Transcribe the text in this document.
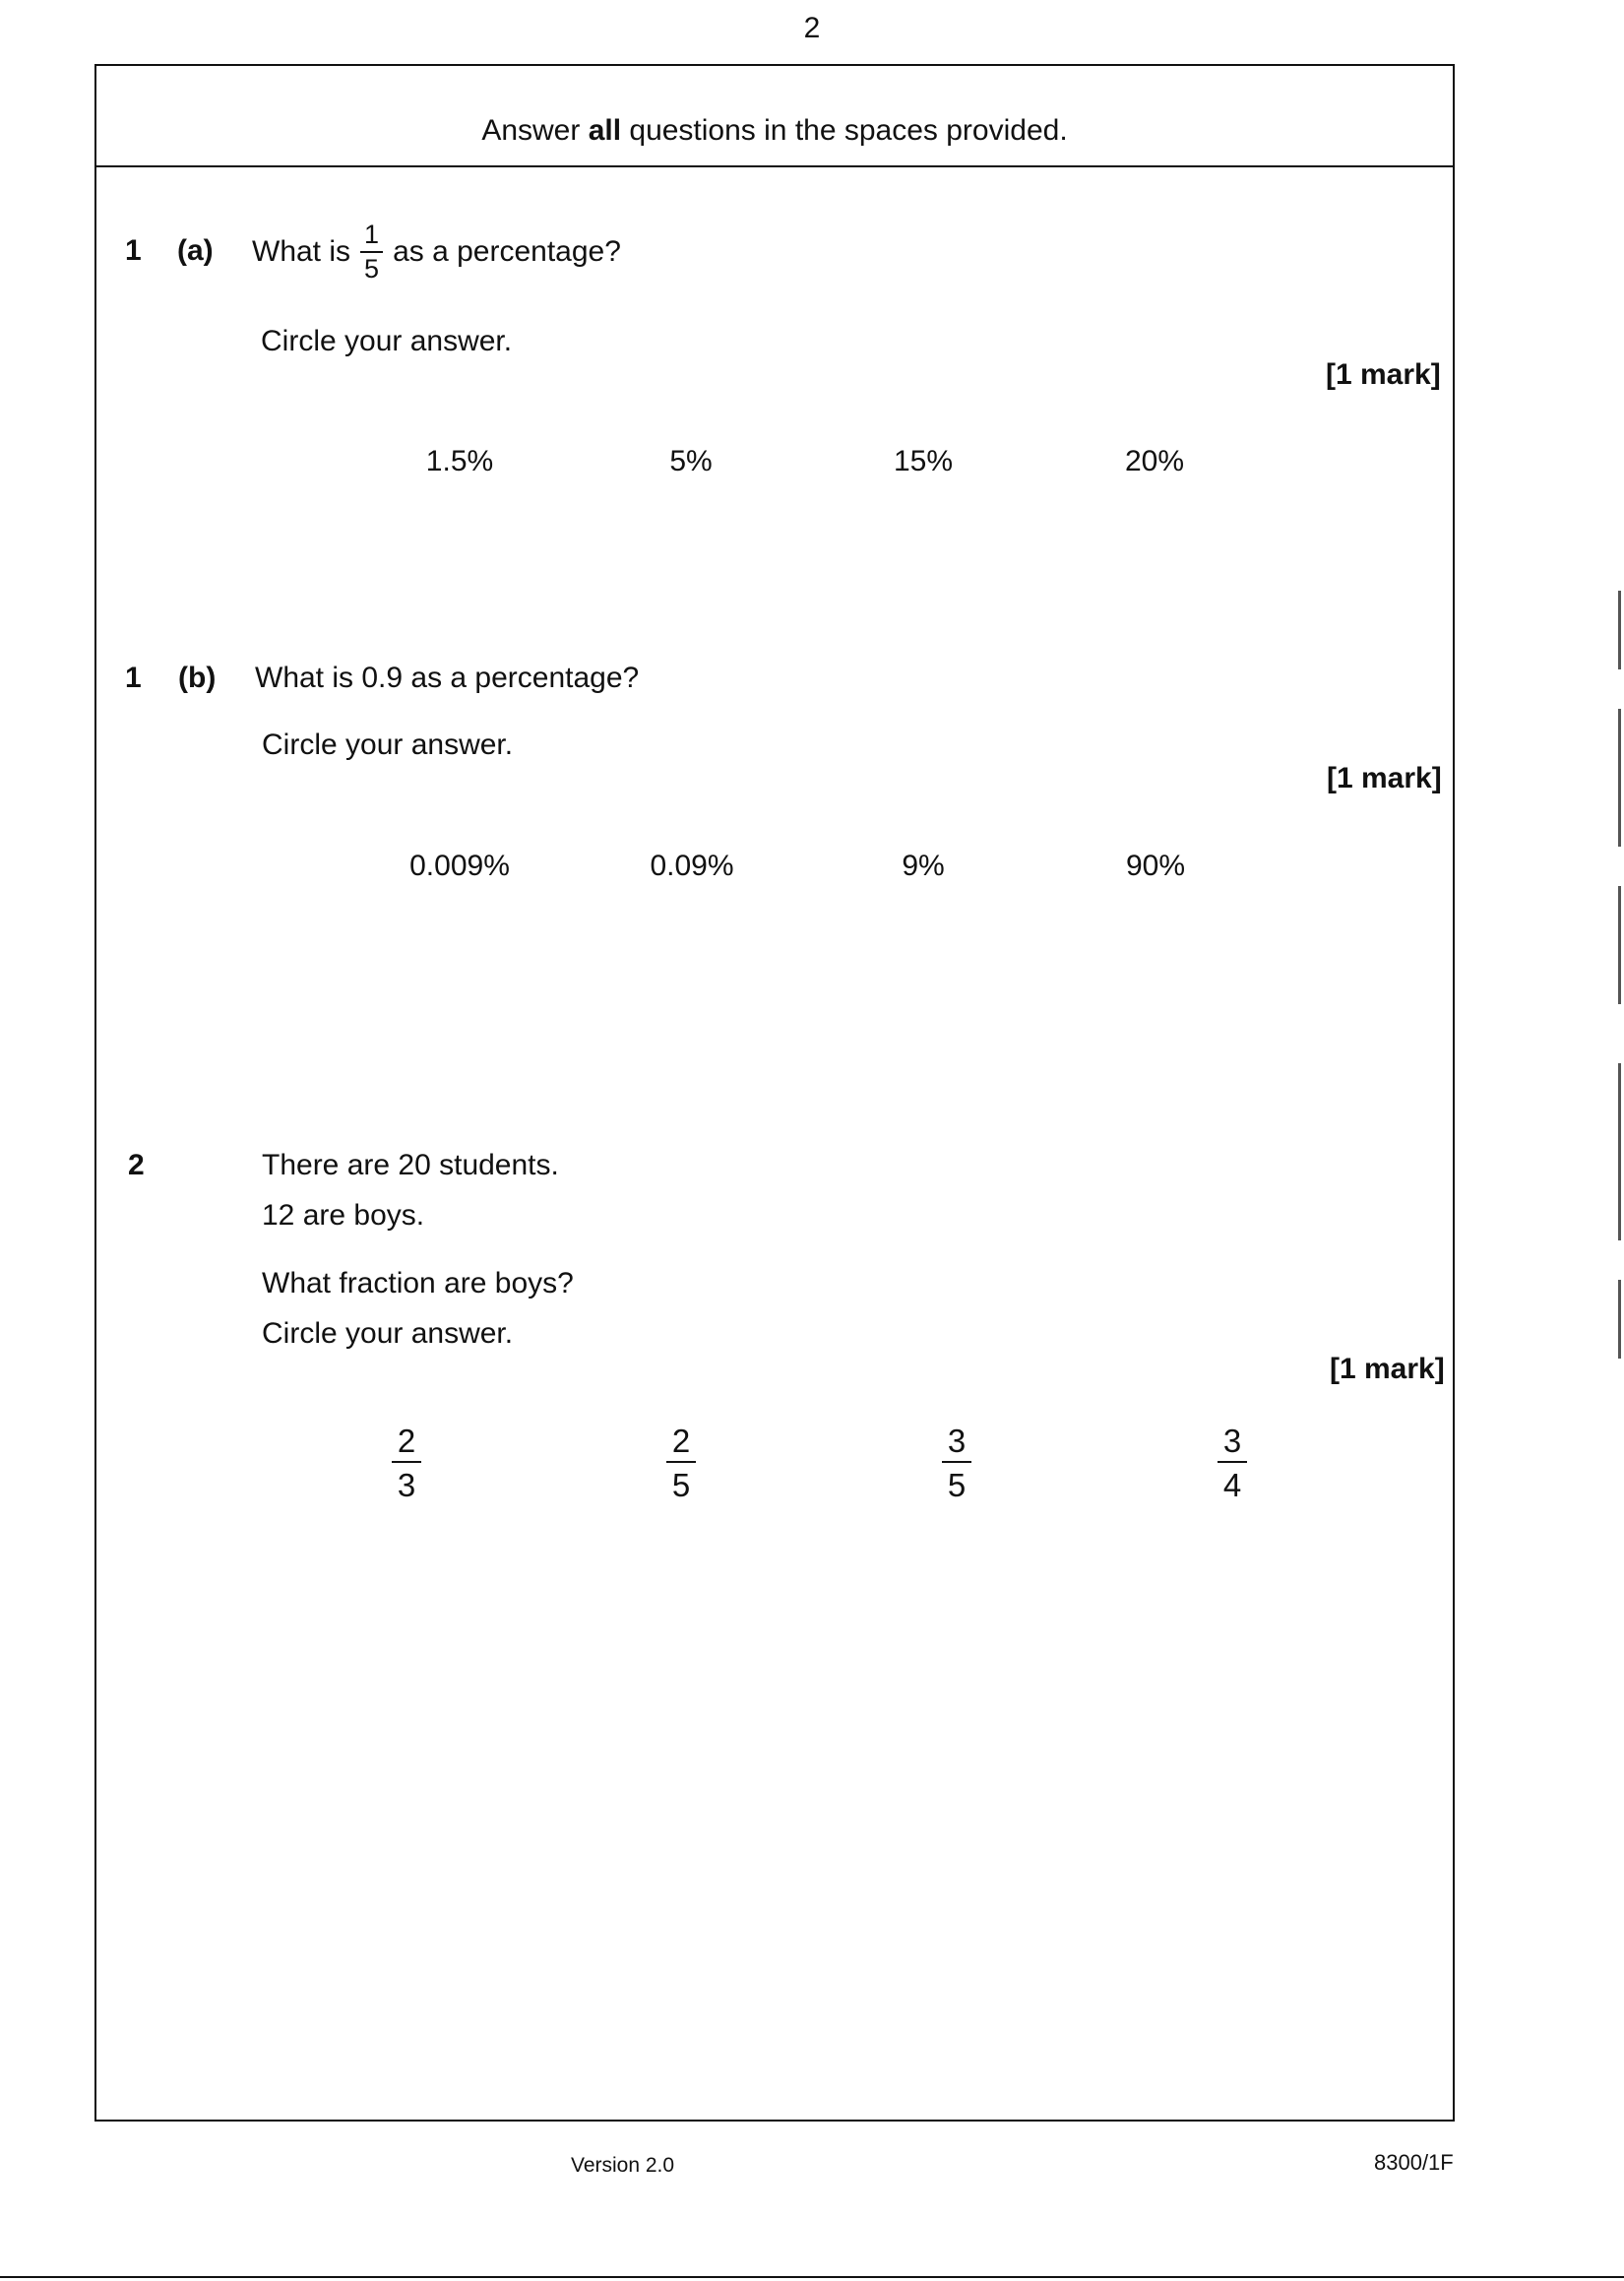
2
Answer all questions in the spaces provided.
1 (a) What is $\frac{1}{5}$ as a percentage?
Circle your answer.
[1 mark]
1.5%	5%	15%	20%
1 (b) What is 0.9 as a percentage?
Circle your answer.
[1 mark]
0.009%	0.09%	9%	90%
2	There are 20 students.
12 are boys.
What fraction are boys?
Circle your answer.
[1 mark]
$\frac{2}{3}$	$\frac{2}{5}$	$\frac{3}{5}$	$\frac{3}{4}$
Version 2.0	8300/1F
